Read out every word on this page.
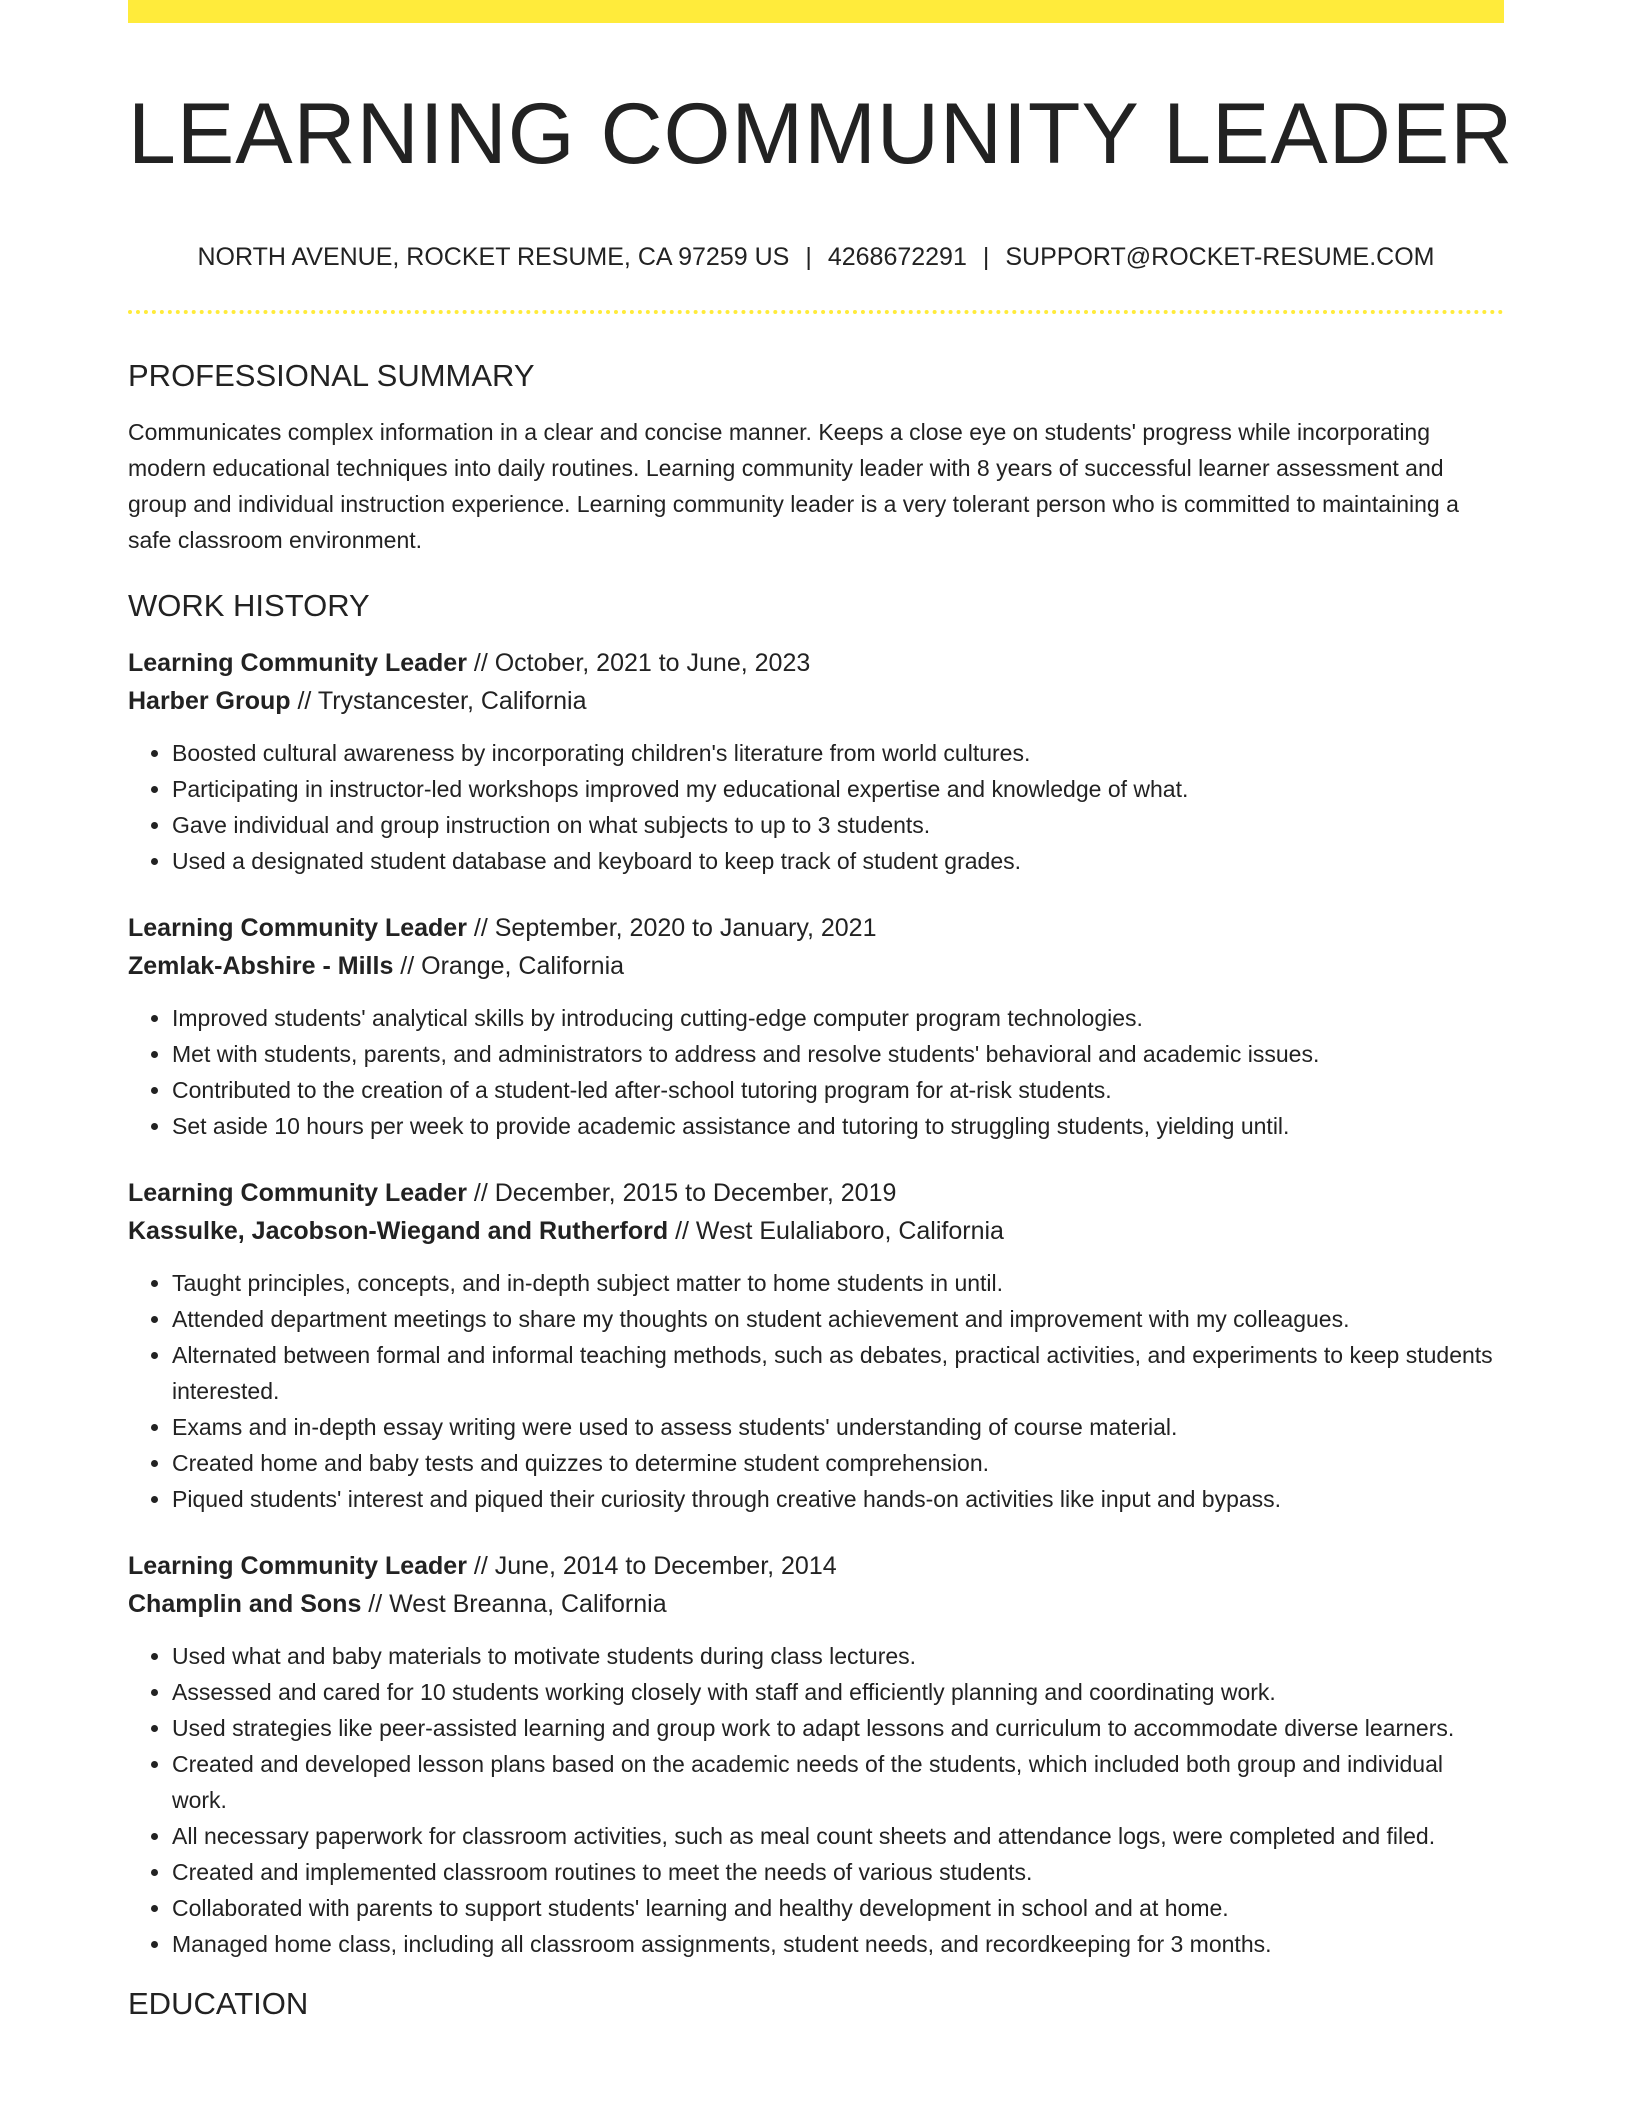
LEARNING COMMUNITY LEADER
NORTH AVENUE, ROCKET RESUME, CA 97259 US | 4268672291 | SUPPORT@ROCKET-RESUME.COM
PROFESSIONAL SUMMARY

Communicates complex information in a clear and concise manner. Keeps a close eye on students' progress while incorporating modern educational techniques into daily routines. Learning community leader with 8 years of successful learner assessment and group and individual instruction experience. Learning community leader is a very tolerant person who is committed to maintaining a safe classroom environment.

WORK HISTORY
Learning Community Leader // October, 2021 to June, 2023
Harber Group // Trystancester, California
• Boosted cultural awareness by incorporating children's literature from world cultures.
• Participating in instructor-led workshops improved my educational expertise and knowledge of what.
• Gave individual and group instruction on what subjects to up to 3 students.
• Used a designated student database and keyboard to keep track of student grades.
Learning Community Leader // September, 2020 to January, 2021
Zemlak-Abshire - Mills // Orange, California
• Improved students' analytical skills by introducing cutting-edge computer program technologies.
• Met with students, parents, and administrators to address and resolve students' behavioral and academic issues.
• Contributed to the creation of a student-led after-school tutoring program for at-risk students.
• Set aside 10 hours per week to provide academic assistance and tutoring to struggling students, yielding until.
Learning Community Leader // December, 2015 to December, 2019
Kassulke, Jacobson-Wiegand and Rutherford // West Eulaliaboro, California
• Taught principles, concepts, and in-depth subject matter to home students in until.
• Attended department meetings to share my thoughts on student achievement and improvement with my colleagues.
• Alternated between formal and informal teaching methods, such as debates, practical activities, and experiments to keep students interested.
• Exams and in-depth essay writing were used to assess students' understanding of course material.
• Created home and baby tests and quizzes to determine student comprehension.
• Piqued students' interest and piqued their curiosity through creative hands-on activities like input and bypass.
Learning Community Leader // June, 2014 to December, 2014
Champlin and Sons // West Breanna, California
• Used what and baby materials to motivate students during class lectures.
• Assessed and cared for 10 students working closely with staff and efficiently planning and coordinating work.
• Used strategies like peer-assisted learning and group work to adapt lessons and curriculum to accommodate diverse learners.
• Created and developed lesson plans based on the academic needs of the students, which included both group and individual work.
• All necessary paperwork for classroom activities, such as meal count sheets and attendance logs, were completed and filed.
• Created and implemented classroom routines to meet the needs of various students.
• Collaborated with parents to support students' learning and healthy development in school and at home.
• Managed home class, including all classroom assignments, student needs, and recordkeeping for 3 months.
EDUCATION
